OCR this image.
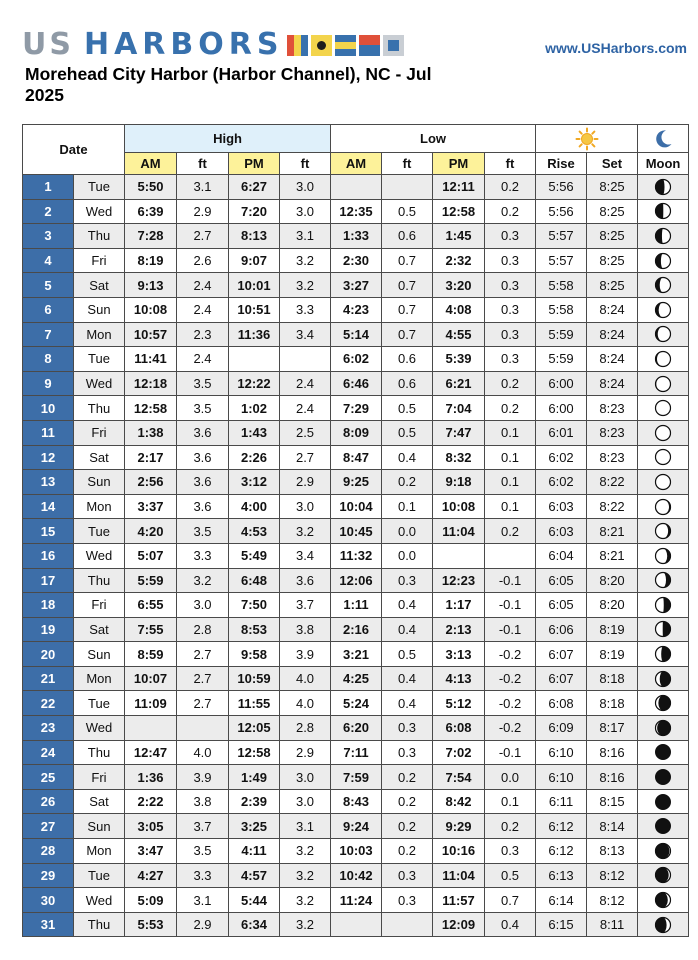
US HARBORS	www.USHarbors.com
Morehead City Harbor (Harbor Channel), NC - Jul 2025
Date		High				Low	

		AM	ft	PM	ft	AM	ft	PM	ft	Rise	Set	Moon
1	Tue	5:50	3.1	6:27	3.0			12:11	0.2	5:56	8:25	

2	Wed	6:39	2.9	7:20	3.0	12:35	0.5	12:58	0.2	5:56	8:25	

3	Thu	7:28	2.7	8:13	3.1	1:33	0.6	1:45	0.3	5:57	8:25	

4	Fri	8:19	2.6	9:07	3.2	2:30	0.7	2:32	0.3	5:57	8:25	

5	Sat	9:13	2.4	10:01	3.2	3:27	0.7	3:20	0.3	5:58	8:25	

6	Sun	10:08	2.4	10:51	3.3	4:23	0.7	4:08	0.3	5:58	8:24	

7	Mon	10:57	2.3	11:36	3.4	5:14	0.7	4:55	0.3	5:59	8:24	

8	Tue	11:41	2.4			6:02	0.6	5:39	0.3	5:59	8:24	

9	Wed	12:18	3.5	12:22	2.4	6:46	0.6	6:21	0.2	6:00	8:24	

10	Thu	12:58	3.5	1:02	2.4	7:29	0.5	7:04	0.2	6:00	8:23	

11	Fri	1:38	3.6	1:43	2.5	8:09	0.5	7:47	0.1	6:01	8:23	

12	Sat	2:17	3.6	2:26	2.7	8:47	0.4	8:32	0.1	6:02	8:23	

13	Sun	2:56	3.6	3:12	2.9	9:25	0.2	9:18	0.1	6:02	8:22	

14	Mon	3:37	3.6	4:00	3.0	10:04	0.1	10:08	0.1	6:03	8:22	

15	Tue	4:20	3.5	4:53	3.2	10:45	0.0	11:04	0.2	6:03	8:21	

16	Wed	5:07	3.3	5:49	3.4	11:32	0.0			6:04	8:21	

17	Thu	5:59	3.2	6:48	3.6	12:06	0.3	12:23	-0.1	6:05	8:20	

18	Fri	6:55	3.0	7:50	3.7	1:11	0.4	1:17	-0.1	6:05	8:20	

19	Sat	7:55	2.8	8:53	3.8	2:16	0.4	2:13	-0.1	6:06	8:19	

20	Sun	8:59	2.7	9:58	3.9	3:21	0.5	3:13	-0.2	6:07	8:19	

21	Mon	10:07	2.7	10:59	4.0	4:25	0.4	4:13	-0.2	6:07	8:18	

22	Tue	11:09	2.7	11:55	4.0	5:24	0.4	5:12	-0.2	6:08	8:18	

23	Wed			12:05	2.8	6:20	0.3	6:08	-0.2	6:09	8:17	

24	Thu	12:47	4.0	12:58	2.9	7:11	0.3	7:02	-0.1	6:10	8:16	

25	Fri	1:36	3.9	1:49	3.0	7:59	0.2	7:54	0.0	6:10	8:16	

26	Sat	2:22	3.8	2:39	3.0	8:43	0.2	8:42	0.1	6:11	8:15	

27	Sun	3:05	3.7	3:25	3.1	9:24	0.2	9:29	0.2	6:12	8:14	

28	Mon	3:47	3.5	4:11	3.2	10:03	0.2	10:16	0.3	6:12	8:13	

29	Tue	4:27	3.3	4:57	3.2	10:42	0.3	11:04	0.5	6:13	8:12	

30	Wed	5:09	3.1	5:44	3.2	11:24	0.3	11:57	0.7	6:14	8:12	

31	Thu	5:53	2.9	6:34	3.2			12:09	0.4	6:15	8:11	
